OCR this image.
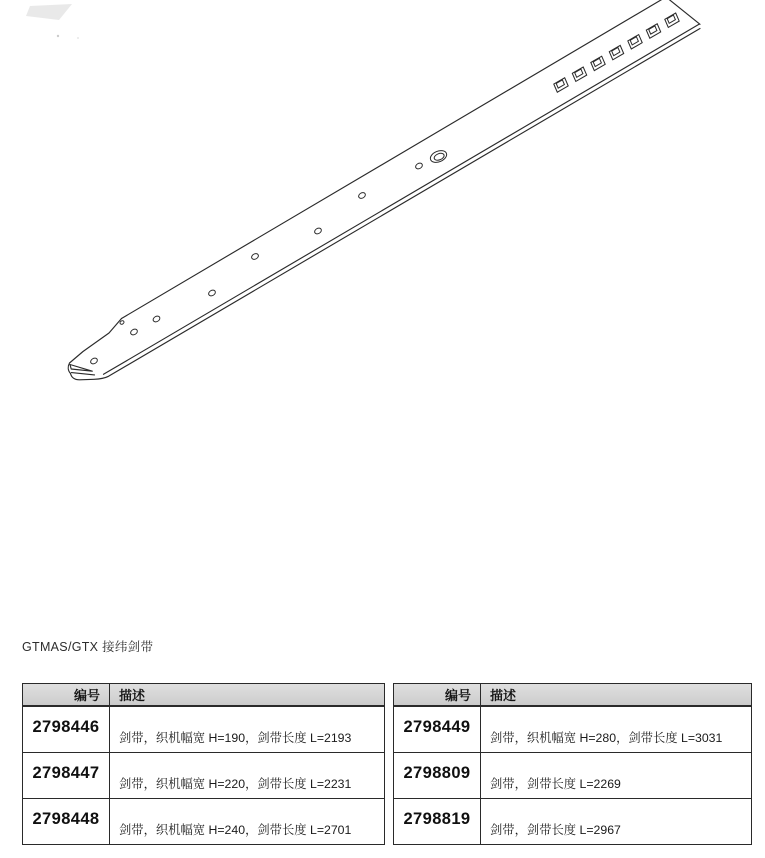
GTMAS/GTX 接纬剑带
编号	描述
2798446
剑带，织机幅宽 H=190，剑带长度 L=2193
2798447
剑带，织机幅宽 H=220，剑带长度 L=2231
2798448
剑带，织机幅宽 H=240，剑带长度 L=2701
编号	描述
2798449
剑带，织机幅宽 H=280，剑带长度 L=3031
2798809
剑带，剑带长度 L=2269
2798819
剑带，剑带长度 L=2967
